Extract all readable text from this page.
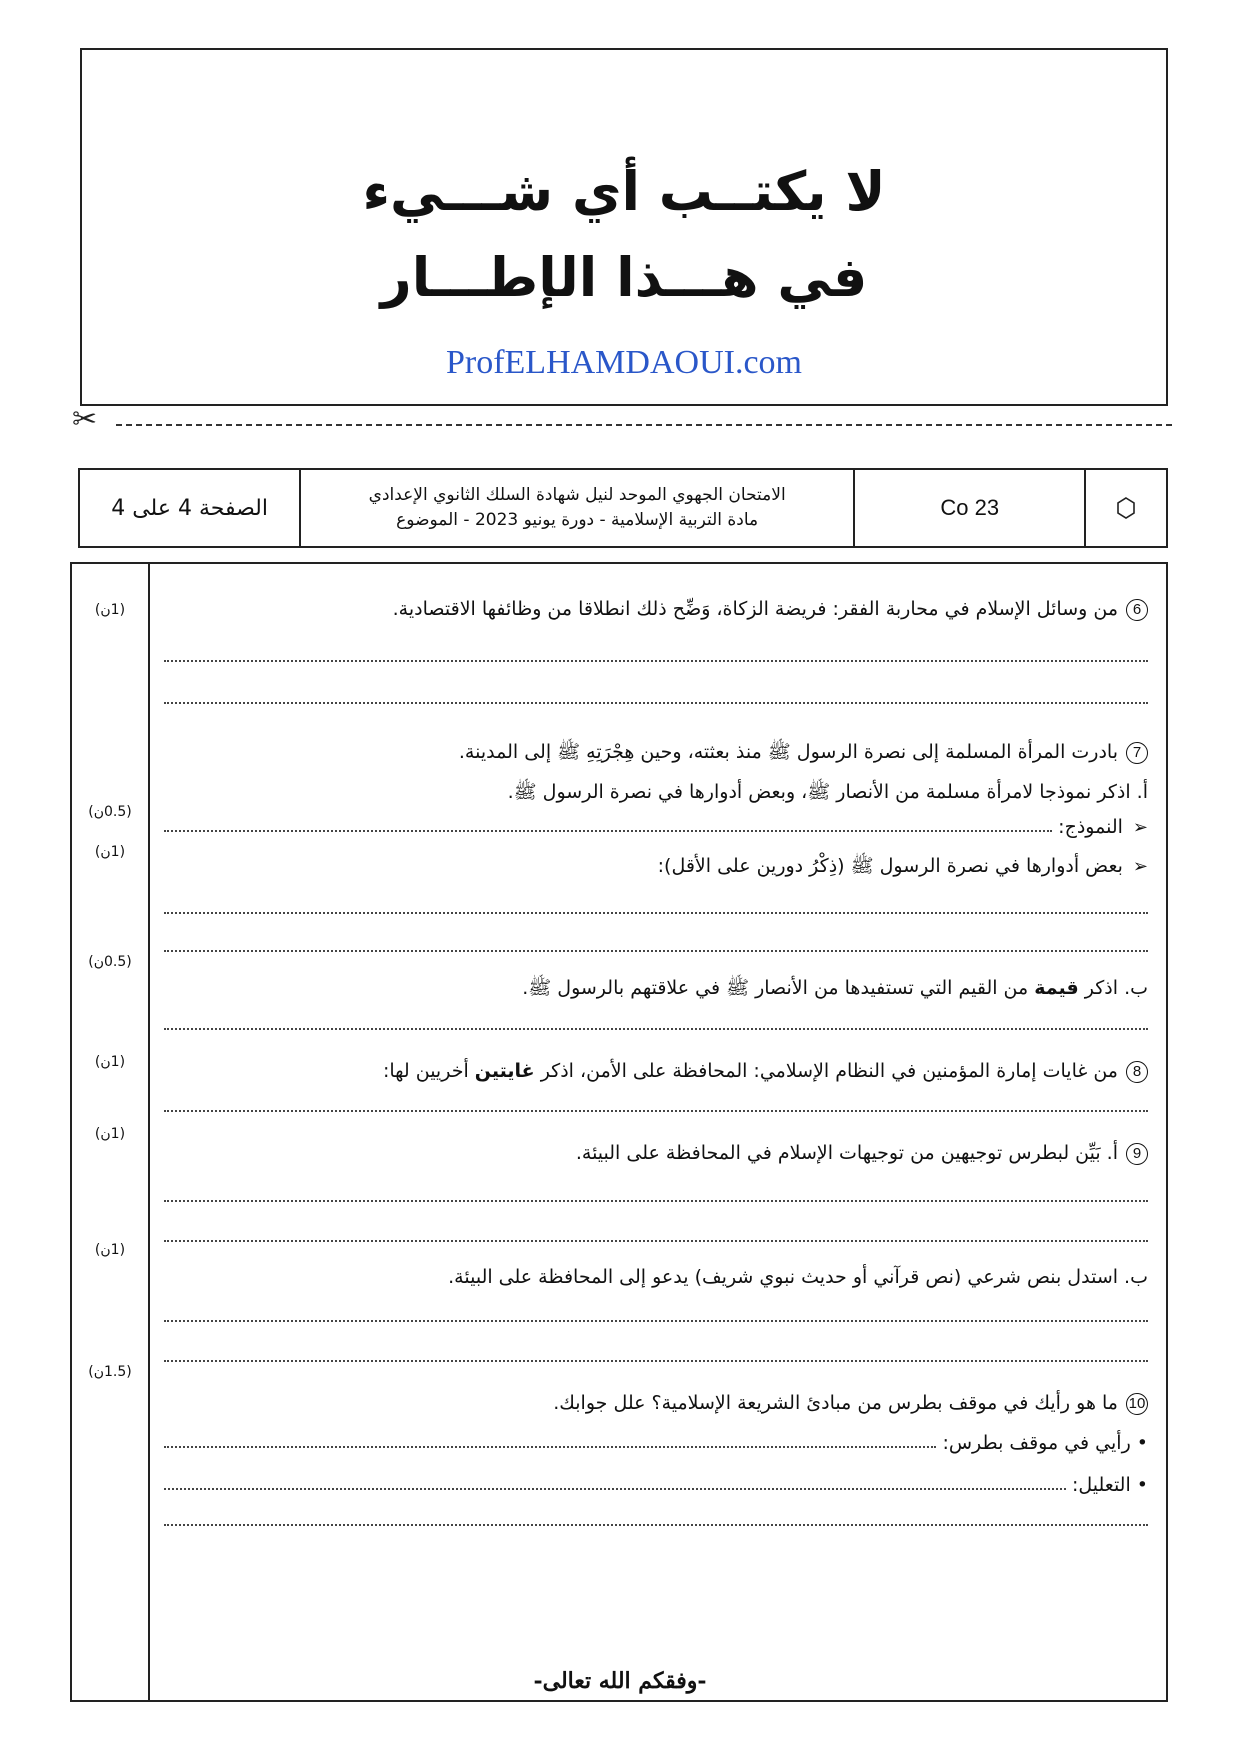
لا يكتــب أي شـــيء
في هـــذا الإطـــار
ProfELHAMDAOUI.com
✂
الصفحة 4 على 4
الامتحان الجهوي الموحد لنيل شهادة السلك الثانوي الإعدادي
مادة التربية الإسلامية - دورة يونيو 2023 - الموضوع	Co 23
(1ن)
(0.5ن)
(1ن)
(0.5ن)
(1ن)
(1ن)
(1ن)
(1.5ن)
6من وسائل الإسلام في محاربة الفقر: فريضة الزكاة، وَضِّح ذلك انطلاقا من وظائفها الاقتصادية.
7بادرت المرأة المسلمة إلى نصرة الرسول ﷺ منذ بعثته، وحين هِجْرَتِهِ ﷺ إلى المدينة.
أ. اذكر نموذجا لامرأة مسلمة من الأنصار ﷺ، وبعض أدوارها في نصرة الرسول ﷺ.
➢
النموذج:
➢بعض أدوارها في نصرة الرسول ﷺ (ذِكْرُ دورين على الأقل):
ب. اذكر قيمة من القيم التي تستفيدها من الأنصار ﷺ في علاقتهم بالرسول ﷺ.
8من غايات إمارة المؤمنين في النظام الإسلامي: المحافظة على الأمن، اذكر غايتين أخريين لها:
9أ. بَيِّن لبطرس توجيهين من توجيهات الإسلام في المحافظة على البيئة.
ب. استدل بنص شرعي (نص قرآني أو حديث نبوي شريف) يدعو إلى المحافظة على البيئة.
10ما هو رأيك في موقف بطرس من مبادئ الشريعة الإسلامية؟ علل جوابك.
• رأيي في موقف بطرس:
• التعليل:
-وفقكم الله تعالى-
